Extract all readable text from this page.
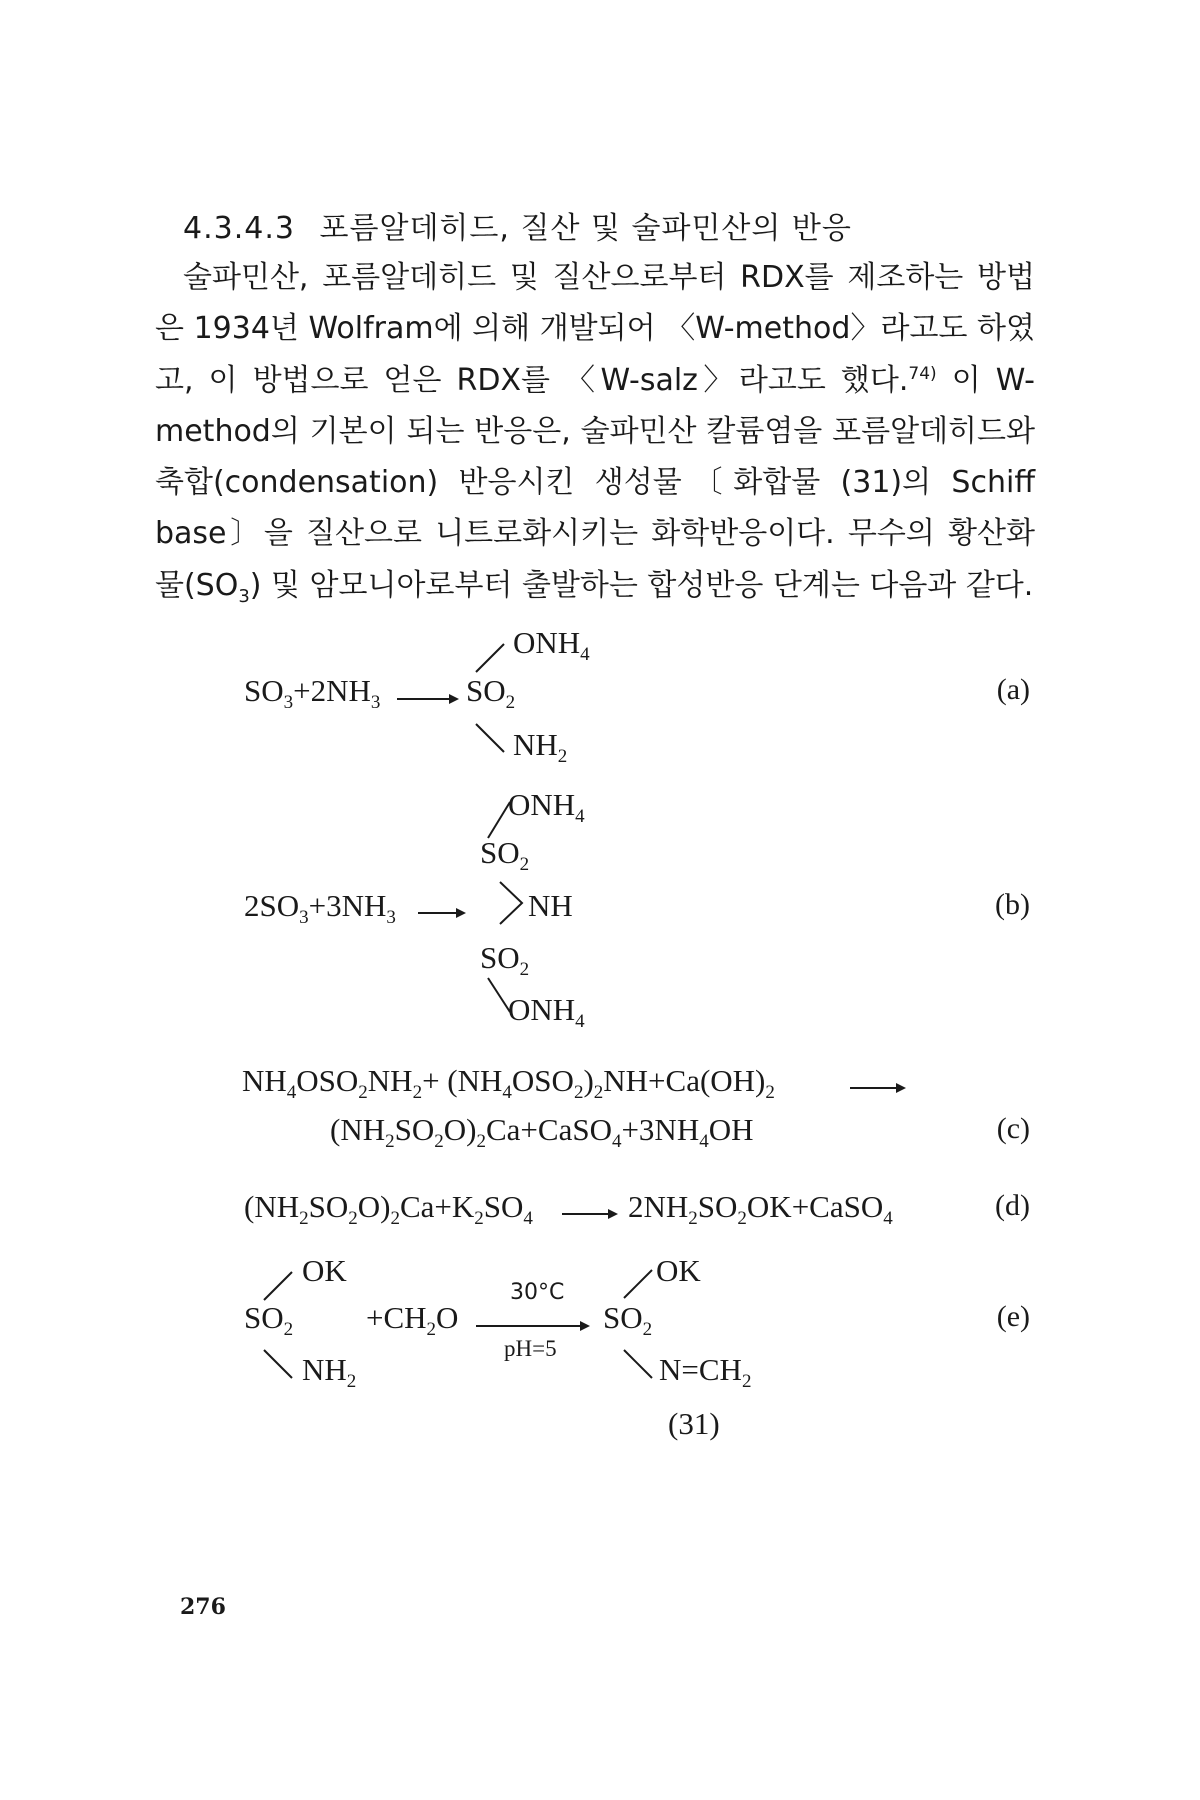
4.3.4.3 포름알데히드, 질산 및 술파민산의 반응
술파민산, 포름알데히드 및 질산으로부터 RDX를 제조하는 방법은 1934년 Wolfram에 의해 개발되어 〈W-method〉라고도 하였고, 이 방법으로 얻은 RDX를 〈W-salz〉라고도 했다.$^{74)}$ 이 W-method의 기본이 되는 반응은, 술파민산 칼륨염을 포름알데히드와 축합(condensation) 반응시킨 생성물〔화합물 (31)의 Schiff base〕을 질산으로 니트로화시키는 화학반응이다. 무수의 황산화물$(SO_3)$ 및 암모니아로부터 출발하는 합성반응 단계는 다음과 같다.
$SO_3+2NH_3 \to SO_2$
$ONH_4$
$NH_2$
(a)
$ONH_4$
$SO_2$
$2SO_3+3NH_3$ → NH
$SO_2$
$ONH_4$
(b)
$NH_4OSO_2NH_2+ (NH_4OSO_2)_2NH+Ca(OH)_2$
$(NH_2SO_2O)_2Ca+CaSO_4+3NH_4OH$	(c)
$(NH_2SO_2O)_2Ca+K_2SO_4$ → $2NH_2SO_2OK+CaSO_4$	(d)
OK
$SO_2$
$NH_2$
$+CH_2O$
30°C
pH=5
$SO_2$
OK
$N=CH_2$
(31)
(e)
276
